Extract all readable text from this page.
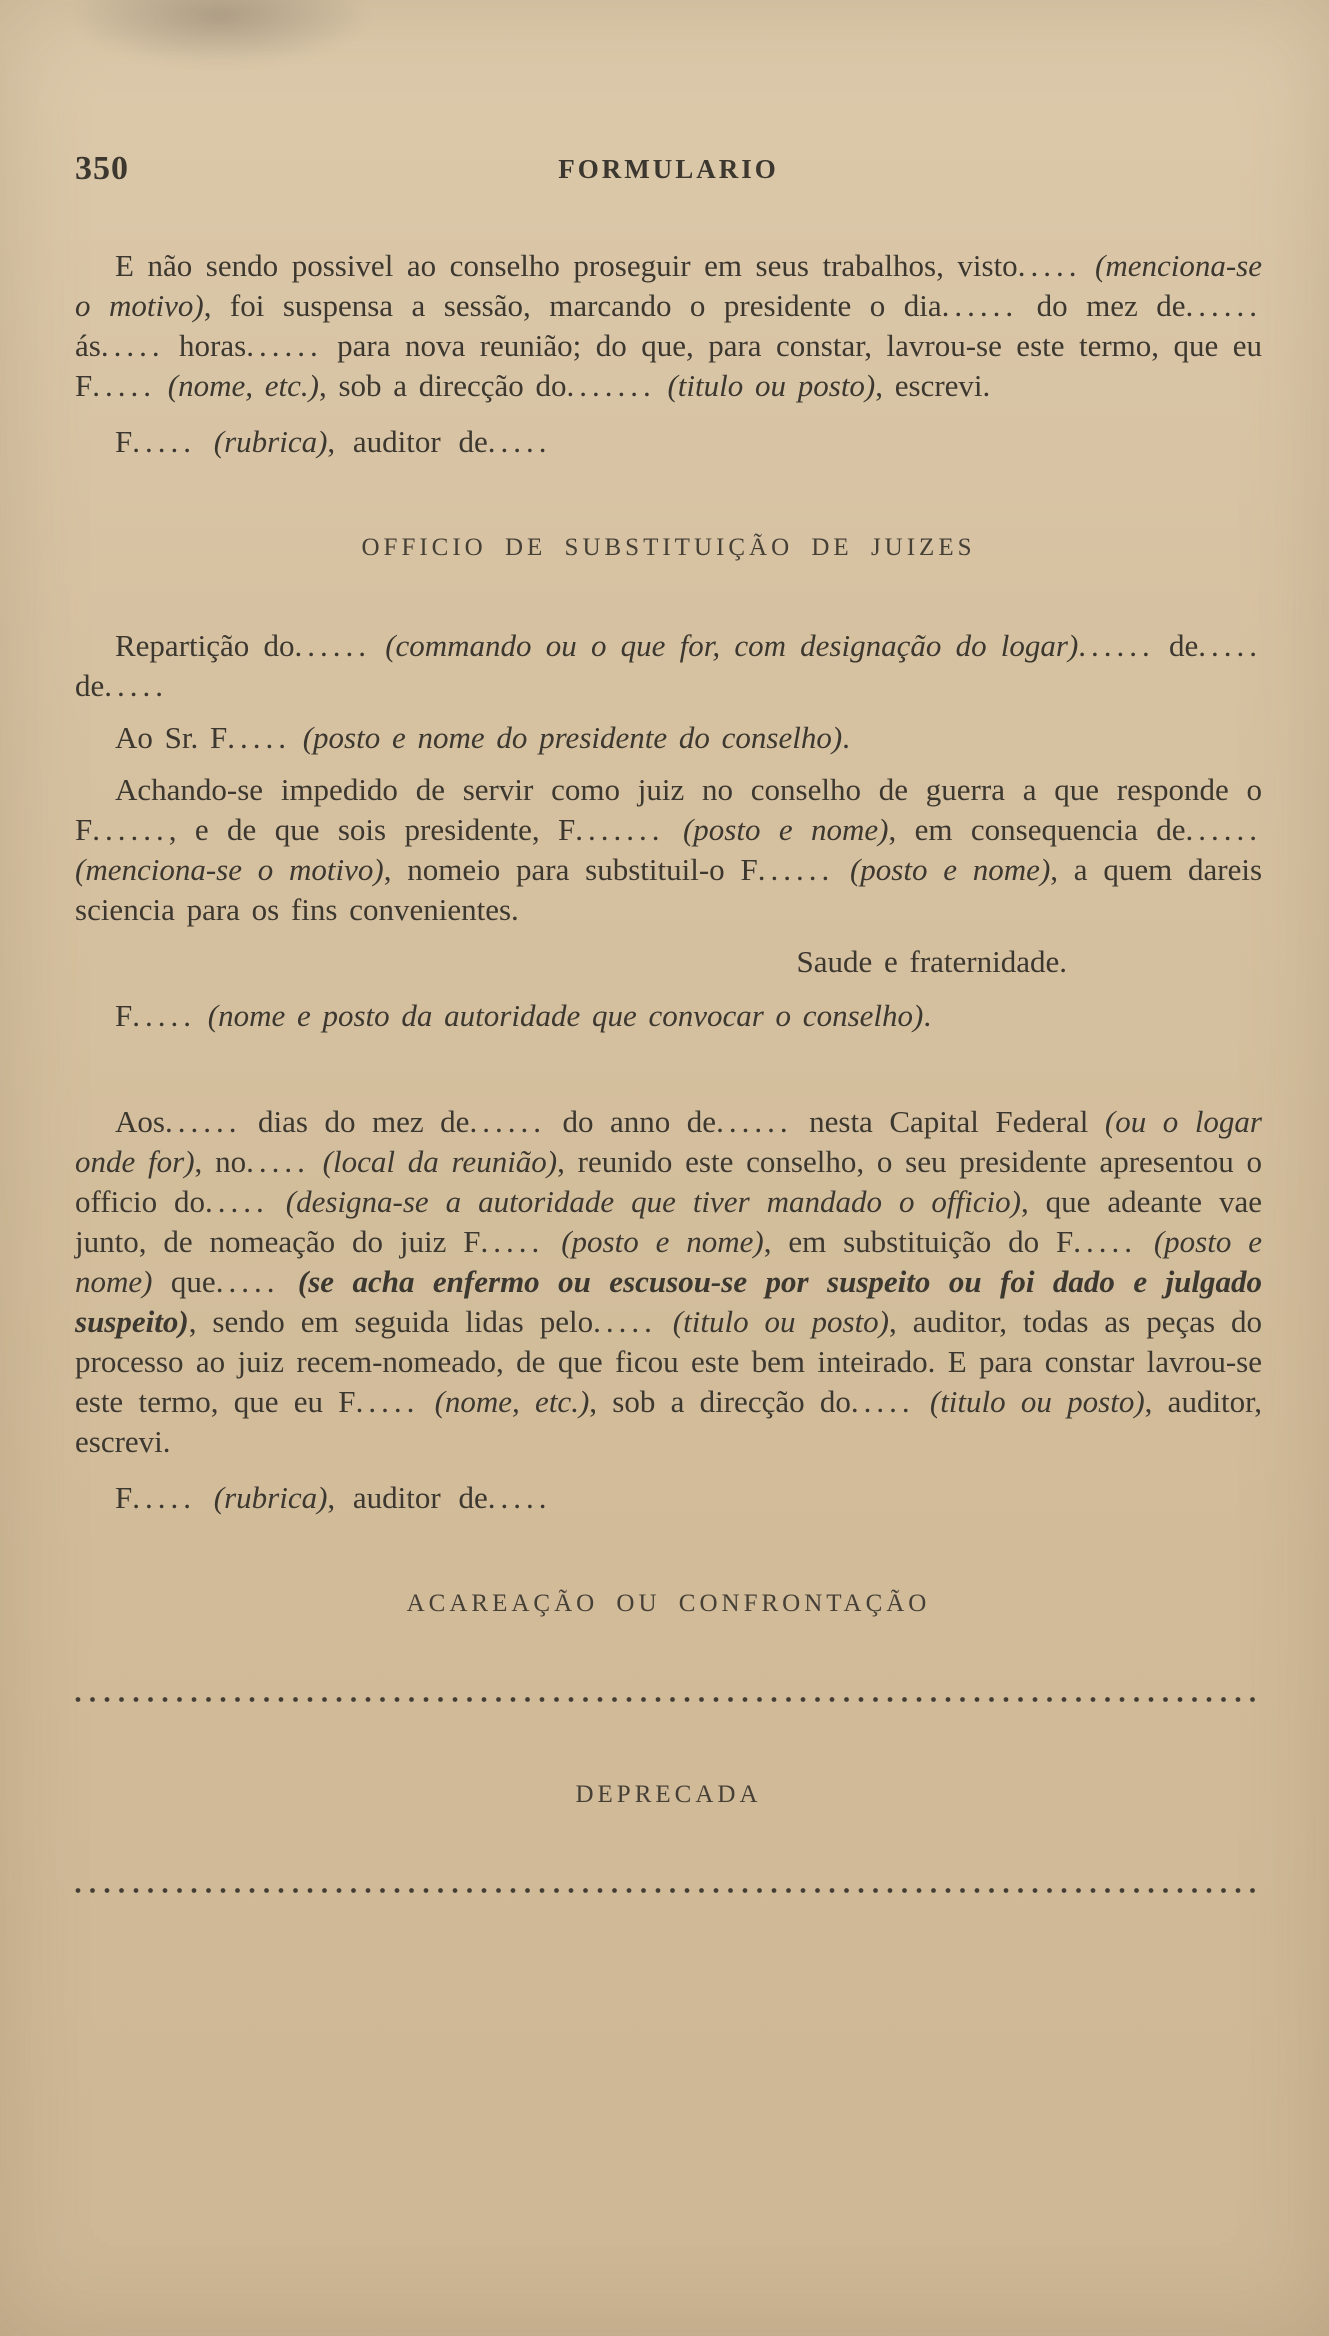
350	FORMULARIO
E não sendo possivel ao conselho proseguir em seus trabalhos, visto..... (menciona-se o motivo), foi suspensa a sessão, marcando o presidente o dia...... do mez de...... ás..... horas...... para nova reunião; do que, para constar, lavrou-se este termo, que eu F..... (nome, etc.), sob a direcção do....... (titulo ou posto), escrevi.
F..... (rubrica), auditor de.....
OFFICIO DE SUBSTITUIÇÃO DE JUIZES
Repartição do...... (commando ou o que for, com designação do logar)...... de..... de.....
Ao Sr. F..... (posto e nome do presidente do conselho).
Achando-se impedido de servir como juiz no conselho de guerra a que responde o F......, e de que sois presidente, F....... (posto e nome), em consequencia de...... (menciona-se o motivo), nomeio para substituil-o F...... (posto e nome), a quem dareis sciencia para os fins convenientes.
Saude e fraternidade.
F..... (nome e posto da autoridade que convocar o conselho).
Aos...... dias do mez de...... do anno de...... nesta Capital Federal (ou o logar onde for), no..... (local da reunião), reunido este conselho, o seu presidente apresentou o officio do..... (designa-se a autoridade que tiver mandado o officio), que adeante vae junto, de nomeação do juiz F..... (posto e nome), em substituição do F..... (posto e nome) que..... (se acha enfermo ou escusou-se por suspeito ou foi dado e julgado suspeito), sendo em seguida lidas pelo..... (titulo ou posto), auditor, todas as peças do processo ao juiz recem-nomeado, de que ficou este bem inteirado. E para constar lavrou-se este termo, que eu F..... (nome, etc.), sob a direcção do..... (titulo ou posto), auditor, escrevi.
F..... (rubrica), auditor de.....
ACAREAÇÃO OU CONFRONTAÇÃO
DEPRECADA
